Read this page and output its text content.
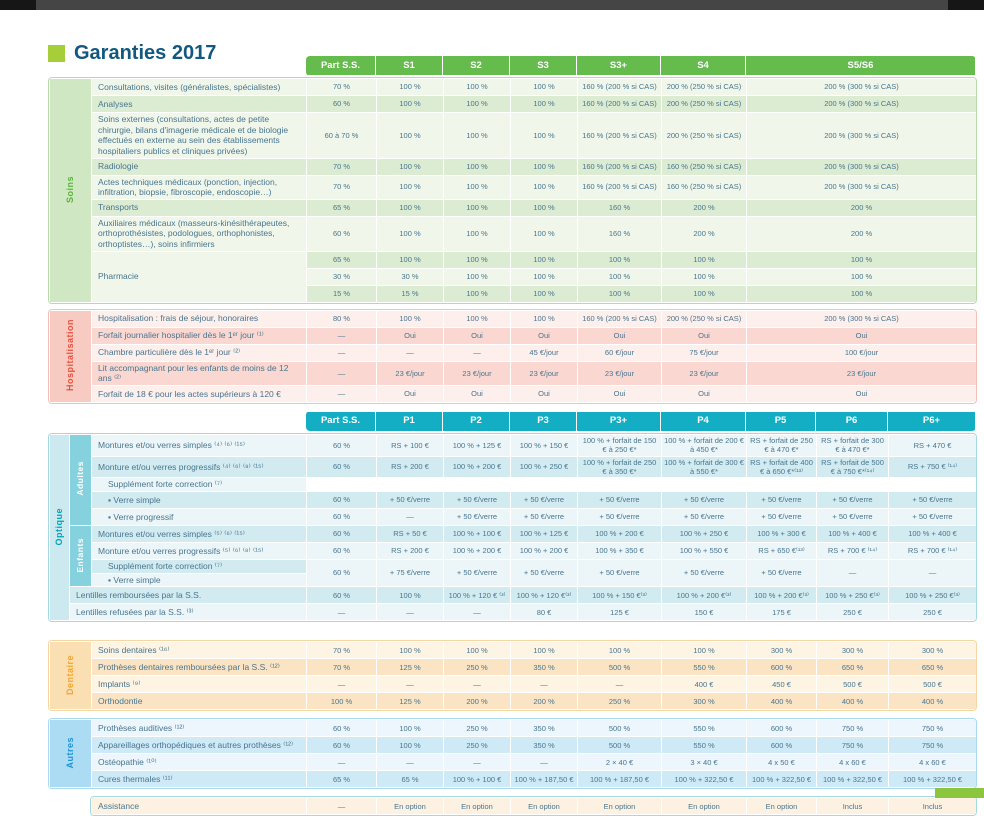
Garanties 2017
Part S.S.	S1	S2	S3	S3+	S4	S5/S6
Soins	Consultations, visites (généralistes, spécialistes)	70 %	100 %	100 %	100 %	160 % (200 % si CAS)	200 % (250 % si CAS)	200 % (300 % si CAS)
	Analyses	60 %	100 %	100 %	100 %	160 % (200 % si CAS)	200 % (250 % si CAS)	200 % (300 % si CAS)
	Soins externes (consultations, actes de petite chirurgie, bilans d'imagerie médicale et de biologie effectués en externe au sein des établissements hospitaliers publics et cliniques privées)	60 à 70 %	100 %	100 %	100 %	160 % (200 % si CAS)	200 % (250 % si CAS)	200 % (300 % si CAS)
	Radiologie	70 %	100 %	100 %	100 %	160 % (200 % si CAS)	160 % (250 % si CAS)	200 % (300 % si CAS)
	Actes techniques médicaux (ponction, injection, infiltration, biopsie, fibroscopie, endoscopie…)	70 %	100 %	100 %	100 %	160 % (200 % si CAS)	160 % (250 % si CAS)	200 % (300 % si CAS)
	Transports	65 %	100 %	100 %	100 %	160 %	200 %	200 %
	Auxiliaires médicaux (masseurs-kinésithérapeutes, orthoprothésistes, podologues, orthophonistes, orthoptistes…), soins infirmiers	60 %	100 %	100 %	100 %	160 %	200 %	200 %
	Pharmacie	65 %	100 %	100 %	100 %	100 %	100 %	100 %
		30 %	30 %	100 %	100 %	100 %	100 %	100 %
		15 %	15 %	100 %	100 %	100 %	100 %	100 %
Hospitalisation	Hospitalisation : frais de séjour, honoraires	80 %	100 %	100 %	100 %	160 % (200 % si CAS)	200 % (250 % si CAS)	200 % (300 % si CAS)
	Forfait journalier hospitalier dès le 1ᵉʳ jour ⁽¹⁾	—	Oui	Oui	Oui	Oui	Oui	Oui
	Chambre particulière dès le 1ᵉʳ jour ⁽²⁾	—	—	—	45 €/jour	60 €/jour	75 €/jour	100 €/jour
	Lit accompagnant pour les enfants de moins de 12 ans ⁽²⁾	—	23 €/jour	23 €/jour	23 €/jour	23 €/jour	23 €/jour	23 €/jour
	Forfait de 18 € pour les actes supérieurs à 120 €	—	Oui	Oui	Oui	Oui	Oui	Oui
Part S.S.	P1	P2	P3	P3+	P4	P5	P6	P6+
Optique	Adultes	Montures et/ou verres simples ⁽⁴⁾ ⁽⁶⁾ ⁽¹⁵⁾	60 %	RS + 100 €	100 % + 125 €	100 % + 150 €	100 % + forfait de 150 € à 250 €*	100 % + forfait de 200 € à 450 €*	RS + forfait de 250 € à 470 €*	RS + forfait de 300 € à 470 €*	RS + 470 €
		Monture et/ou verres progressifs ⁽⁴⁾ ⁽⁶⁾ ⁽⁸⁾ ⁽¹⁵⁾	60 %	RS + 200 €	100 % + 200 €	100 % + 250 €	100 % + forfait de 250 € à 350 €*	100 % + forfait de 300 € à 550 €*	RS + forfait de 400 € à 650 €*⁽¹³⁾	RS + forfait de 500 € à 750 €*⁽¹⁴⁾	RS + 750 € ⁽¹⁴⁾
		Supplément forte correction ⁽⁷⁾									
		▪ Verre simple	60 %	+ 50 €/verre	+ 50 €/verre	+ 50 €/verre	+ 50 €/verre	+ 50 €/verre	+ 50 €/verre	+ 50 €/verre	+ 50 €/verre
		▪ Verre progressif	60 %	—	+ 50 €/verre	+ 50 €/verre	+ 50 €/verre	+ 50 €/verre	+ 50 €/verre	+ 50 €/verre	+ 50 €/verre
	Enfants	Montures et/ou verres simples ⁽⁵⁾ ⁽⁶⁾ ⁽¹⁵⁾	60 %	RS + 50 €	100 % + 100 €	100 % + 125 €	100 % + 200 €	100 % + 250 €	100 % + 300 €	100 % + 400 €	100 % + 400 €
		Monture et/ou verres progressifs ⁽⁵⁾ ⁽⁶⁾ ⁽⁸⁾ ⁽¹⁵⁾	60 %	RS + 200 €	100 % + 200 €	100 % + 200 €	100 % + 350 €	100 % + 550 €	RS + 650 €⁽¹³⁾	RS + 700 € ⁽¹⁴⁾	RS + 700 € ⁽¹⁴⁾
		Supplément forte correction ⁽⁷⁾	60 %	+ 75 €/verre	+ 50 €/verre	+ 50 €/verre	+ 50 €/verre	+ 50 €/verre	+ 50 €/verre	—	—
		▪ Verre simple									
	Lentilles remboursées par la S.S.		60 %	100 %	100 % + 120 € ⁽³⁾	100 % + 120 €⁽³⁾	100 % + 150 €⁽³⁾	100 % + 200 €⁽³⁾	100 % + 200 €⁽³⁾	100 % + 250 €⁽³⁾	100 % + 250 €⁽³⁾
	Lentilles refusées par la S.S. ⁽³⁾		—	—	—	80 €	125 €	150 €	175 €	250 €	250 €
Dentaire	Soins dentaires ⁽¹⁶⁾	70 %	100 %	100 %	100 %	100 %	100 %	300 %	300 %	300 %
	Prothèses dentaires remboursées par la S.S. ⁽¹²⁾	70 %	125 %	250 %	350 %	500 %	550 %	600 %	650 %	650 %
	Implants ⁽⁹⁾	—	—	—	—	—	400 €	450 €	500 €	500 €
	Orthodontie	100 %	125 %	200 %	200 %	250 %	300 %	400 %	400 %	400 %
Autres	Prothèses auditives ⁽¹²⁾	60 %	100 %	250 %	350 %	500 %	550 %	600 %	750 %	750 %
	Appareillages orthopédiques et autres prothèses ⁽¹²⁾	60 %	100 %	250 %	350 %	500 %	550 %	600 %	750 %	750 %
	Ostéopathie ⁽¹⁰⁾	—	—	—	—	2 × 40 €	3 × 40 €	4 x 50 €	4 x 60 €	4 x 60 €
	Cures thermales ⁽¹¹⁾	65 %	65 %	100 % + 100 €	100 % + 187,50 €	100 % + 187,50 €	100 % + 322,50 €	100 % + 322,50 €	100 % + 322,50 €	100 % + 322,50 €
Assistance	—	En option	En option	En option	En option	En option	En option	Inclus	Inclus
